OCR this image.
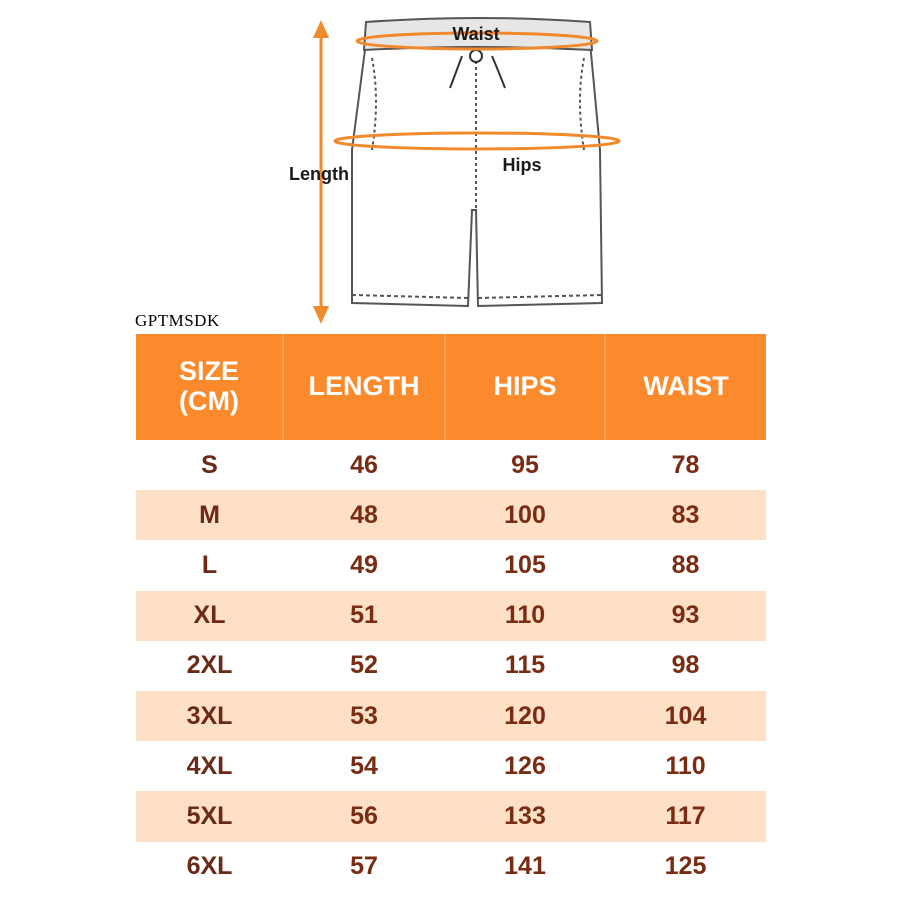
Waist
Hips
Length
GPTMSDK
SIZE
(CM)	LENGTH	HIPS	WAIST
S	46	95	78
M	48	100	83
L	49	105	88
XL	51	110	93
2XL	52	115	98
3XL	53	120	104
4XL	54	126	110
5XL	56	133	117
6XL	57	141	125
